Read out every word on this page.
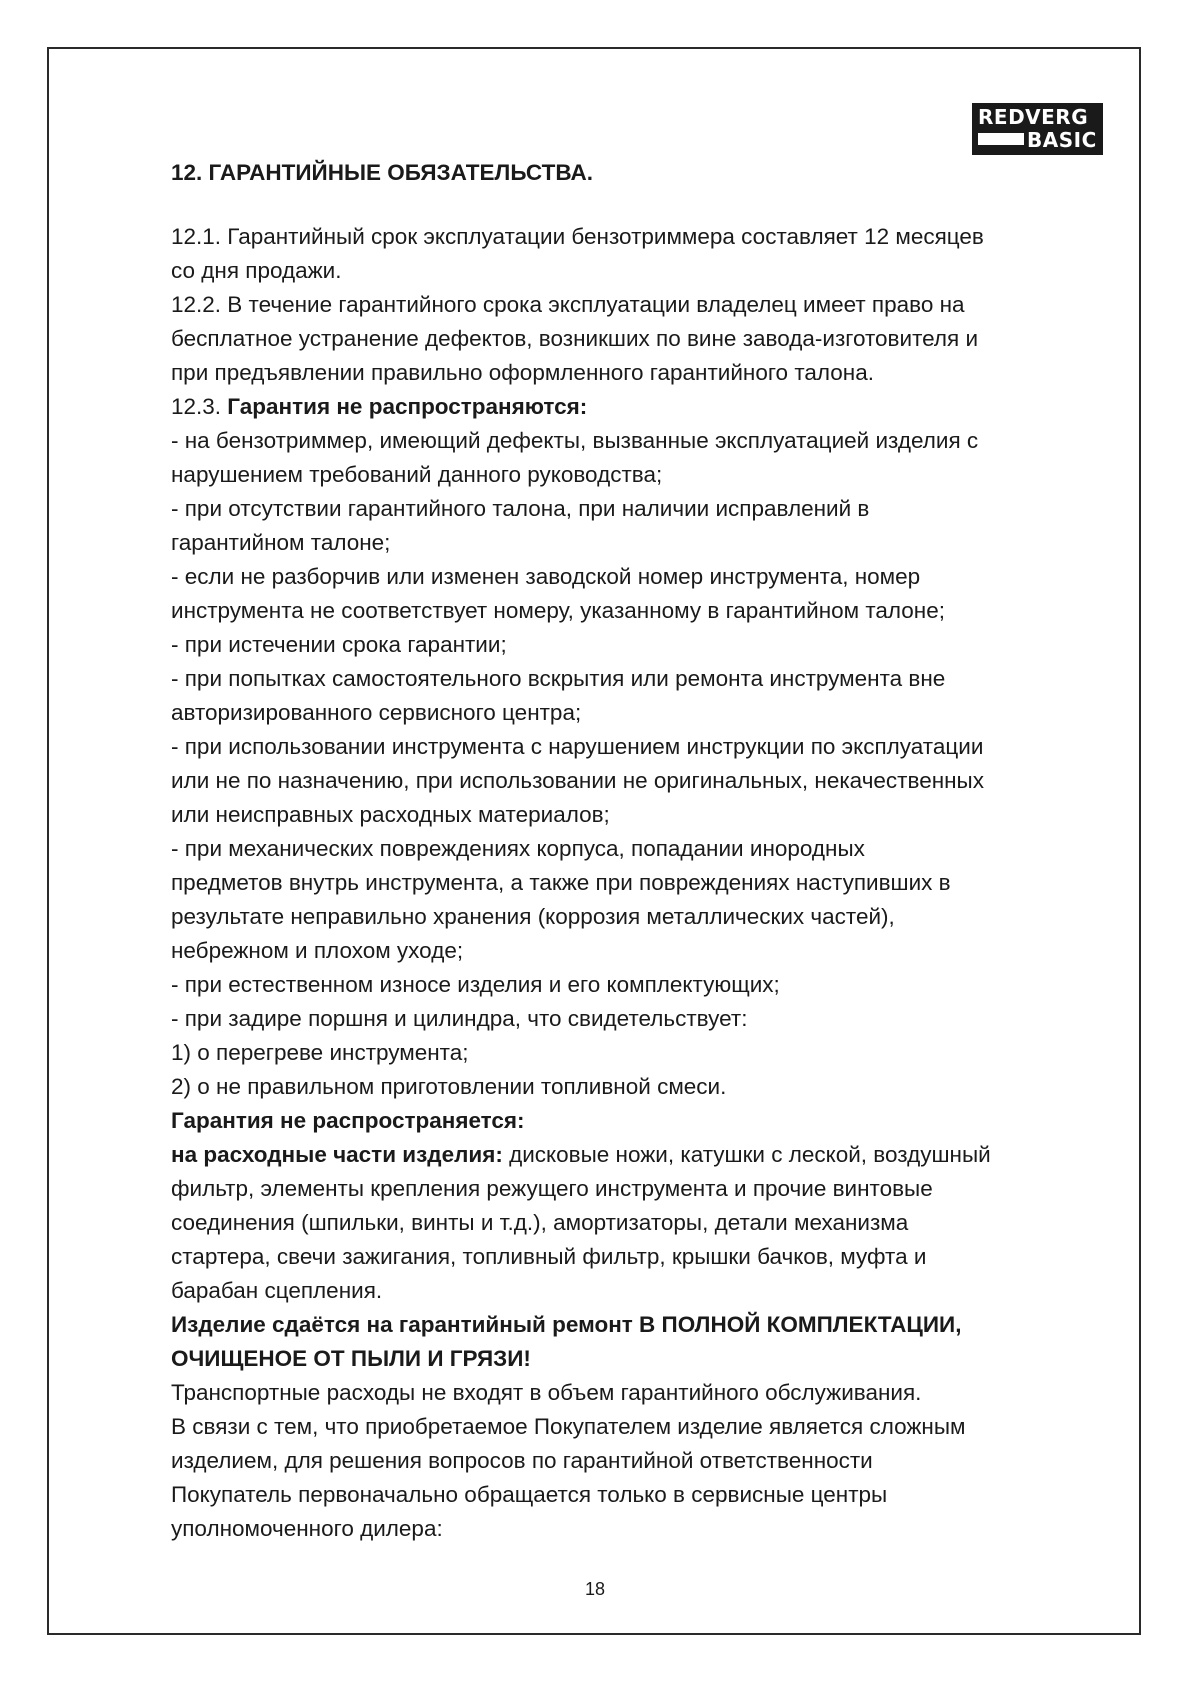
REDVERG
BASIC
12. ГАРАНТИЙНЫЕ ОБЯЗАТЕЛЬСТВА.

12.1. Гарантийный срок эксплуатации бензотриммера составляет 12 месяцев

со дня продажи.

12.2. В течение гарантийного срока эксплуатации владелец имеет право на

бесплатное устранение дефектов, возникших по вине завода-изготовителя и

при предъявлении правильно оформленного гарантийного талона.

12.3. Гарантия не распространяются:

- на бензотриммер, имеющий дефекты, вызванные эксплуатацией изделия с

нарушением требований данного руководства;

- при отсутствии гарантийного талона, при наличии исправлений в

гарантийном талоне;

- если не разборчив или изменен заводской номер инструмента, номер

инструмента не соответствует номеру, указанному в гарантийном талоне;

- при истечении срока гарантии;

- при попытках самостоятельного вскрытия или ремонта инструмента вне

авторизированного сервисного центра;

- при использовании инструмента с нарушением инструкции по эксплуатации

или не по назначению, при использовании не оригинальных, некачественных

или неисправных расходных материалов;

- при механических повреждениях корпуса, попадании инородных

предметов внутрь инструмента, а также при повреждениях наступивших в

результате неправильно хранения (коррозия металлических частей),

небрежном и плохом уходе;

- при естественном износе изделия и его комплектующих;

- при задире поршня и цилиндра, что свидетельствует:

1) о перегреве инструмента;

2) о не правильном приготовлении топливной смеси.

Гарантия не распространяется:

на расходные части изделия: дисковые ножи, катушки с леской, воздушный

фильтр, элементы крепления режущего инструмента и прочие винтовые

соединения (шпильки, винты и т.д.), амортизаторы, детали механизма

стартера, свечи зажигания, топливный фильтр, крышки бачков, муфта и

барабан сцепления.

Изделие сдаётся на гарантийный ремонт В ПОЛНОЙ КОМПЛЕКТАЦИИ,

ОЧИЩЕНОЕ ОТ ПЫЛИ И ГРЯЗИ!

Транспортные расходы не входят в объем гарантийного обслуживания.

В связи с тем, что приобретаемое Покупателем изделие является сложным

изделием, для решения вопросов по гарантийной ответственности

Покупатель первоначально обращается только в сервисные центры

уполномоченного дилера:

18
